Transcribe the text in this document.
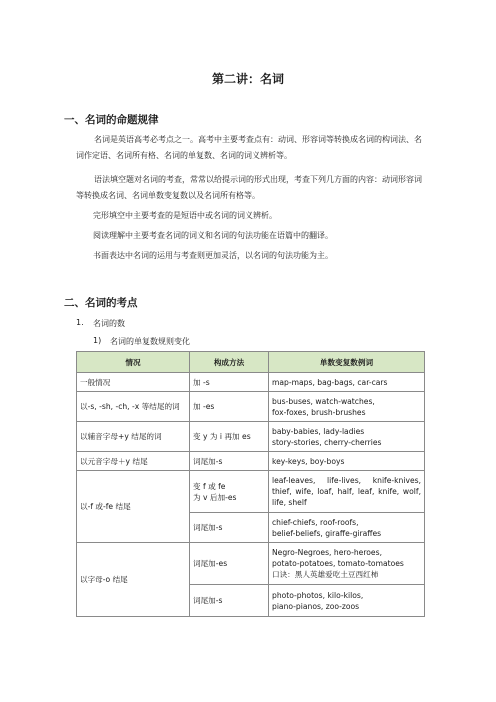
第二讲：名词
一、名词的命题规律
名词是英语高考必考点之一。高考中主要考查点有：动词、形容词等转换成名词的构词法、名词作定语、名词所有格、名词的单复数、名词的词义辨析等。
语法填空题对名词的考查，常常以给提示词的形式出现，考查下列几方面的内容：动词形容词等转换成名词、名词单数变复数以及名词所有格等。
完形填空中主要考查的是短语中或名词的词义辨析。
阅读理解中主要考查名词的词义和名词的句法功能在语篇中的翻译。
书面表达中名词的运用与考查则更加灵活，以名词的句法功能为主。
二、名词的考点
1. 名词的数
1) 名词的单复数规则变化
情况	构成方法	单数变复数例词
一般情况	加 -s	map-maps, bag-bags, car-cars
以-s, -sh, -ch, -x 等结尾的词	加 -es	bus-buses, watch-watches,
fox-foxes, brush-brushes

以辅音字母+y 结尾的词	变 y 为 i 再加 es	baby-babies, lady-ladies
story-stories, cherry-cherries

以元音字母＋y 结尾	词尾加-s	key-keys, boy-boys
以-f 或-fe 结尾	变 f 或 fe
为 v 后加-es	leaf-leaves, life-lives, knife-knives, thief, wife, loaf, half, leaf, knife, wolf, life, shelf
	词尾加-s	chief-chiefs, roof-roofs,
belief-beliefs, giraffe-giraffes

以字母-o 结尾	词尾加-es	Negro-Negroes, hero-heroes,
potato-potatoes, tomato-tomatoes
口诀：黑人英雄爱吃土豆西红柿

	词尾加-s	photo-photos, kilo-kilos,
piano-pianos, zoo-zoos
